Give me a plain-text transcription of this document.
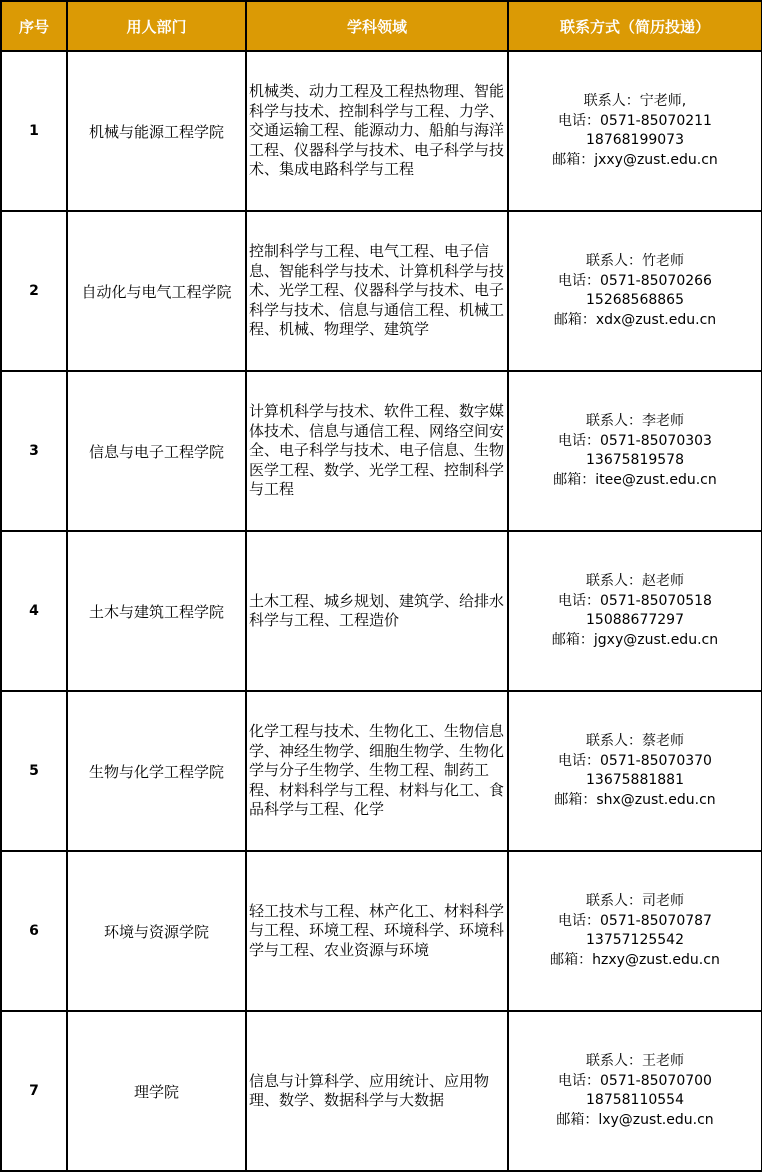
序号	用人部门	学科领域	联系方式（简历投递）
1	机械与能源工程学院	机械类、动力工程及工程热物理、智能科学与技术、控制科学与工程、力学、交通运输工程、能源动力、船舶与海洋工程、仪器科学与技术、电子科学与技术、集成电路科学与工程	联系人：宁老师,
电话：0571-85070211
18768199073
邮箱：jxxy@zust.edu.cn

2	自动化与电气工程学院	控制科学与工程、电气工程、电子信息、智能科学与技术、计算机科学与技术、光学工程、仪器科学与技术、电子科学与技术、信息与通信工程、机械工程、机械、物理学、建筑学	联系人：竹老师
电话：0571-85070266
15268568865
邮箱：xdx@zust.edu.cn

3	信息与电子工程学院	计算机科学与技术、软件工程、数字媒体技术、信息与通信工程、网络空间安全、电子科学与技术、电子信息、生物医学工程、数学、光学工程、控制科学与工程	联系人：李老师
电话：0571-85070303
13675819578
邮箱：itee@zust.edu.cn

4	土木与建筑工程学院	土木工程、城乡规划、建筑学、给排水科学与工程、工程造价	联系人：赵老师
电话：0571-85070518
15088677297
邮箱：jgxy@zust.edu.cn

5	生物与化学工程学院	化学工程与技术、生物化工、生物信息学、神经生物学、细胞生物学、生物化学与分子生物学、生物工程、制药工程、材料科学与工程、材料与化工、食品科学与工程、化学	联系人：蔡老师
电话：0571-85070370
13675881881
邮箱：shx@zust.edu.cn

6	环境与资源学院	轻工技术与工程、林产化工、材料科学与工程、环境工程、环境科学、环境科学与工程、农业资源与环境	联系人：司老师
电话：0571-85070787
13757125542
邮箱：hzxy@zust.edu.cn

7	理学院	信息与计算科学、应用统计、应用物理、数学、数据科学与大数据	联系人：王老师
电话：0571-85070700
18758110554
邮箱：lxy@zust.edu.cn
